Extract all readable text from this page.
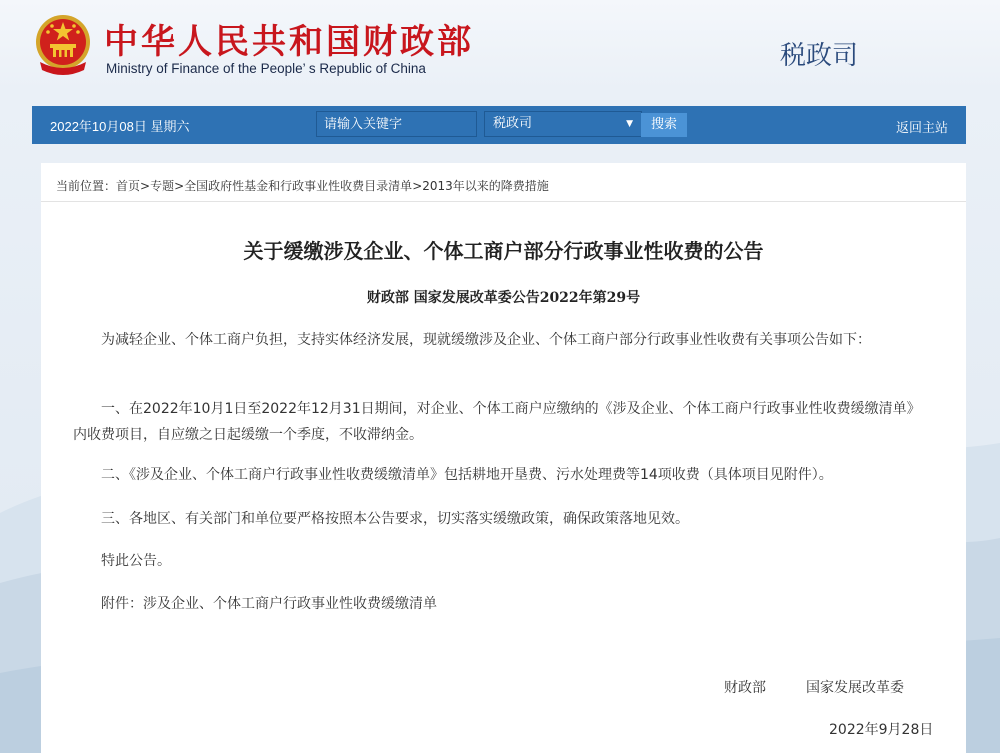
中华人民共和国财政部
Ministry of Finance of the People’ s Republic of China	税政司
2022年10月08日 星期六
请输入关键字	税政司	▼	搜索	返回主站
当前位置：首页>专题>全国政府性基金和行政事业性收费目录清单>2013年以来的降费措施
关于缓缴涉及企业、个体工商户部分行政事业性收费的公告
财政部 国家发展改革委公告2022年第29号

为减轻企业、个体工商户负担，支持实体经济发展，现就缓缴涉及企业、个体工商户部分行政事业性收费有关事项公告如下：

一、在2022年10月1日至2022年12月31日期间，对企业、个体工商户应缴纳的《涉及企业、个体工商户行政事业性收费缓缴清单》内收费项目，自应缴之日起缓缴一个季度，不收滞纳金。

二、《涉及企业、个体工商户行政事业性收费缓缴清单》包括耕地开垦费、污水处理费等14项收费（具体项目见附件）。

三、各地区、有关部门和单位要严格按照本公告要求，切实落实缓缴政策，确保政策落地见效。

特此公告。

附件：涉及企业、个体工商户行政事业性收费缓缴清单

财政部	国家发展改革委
2022年9月28日
